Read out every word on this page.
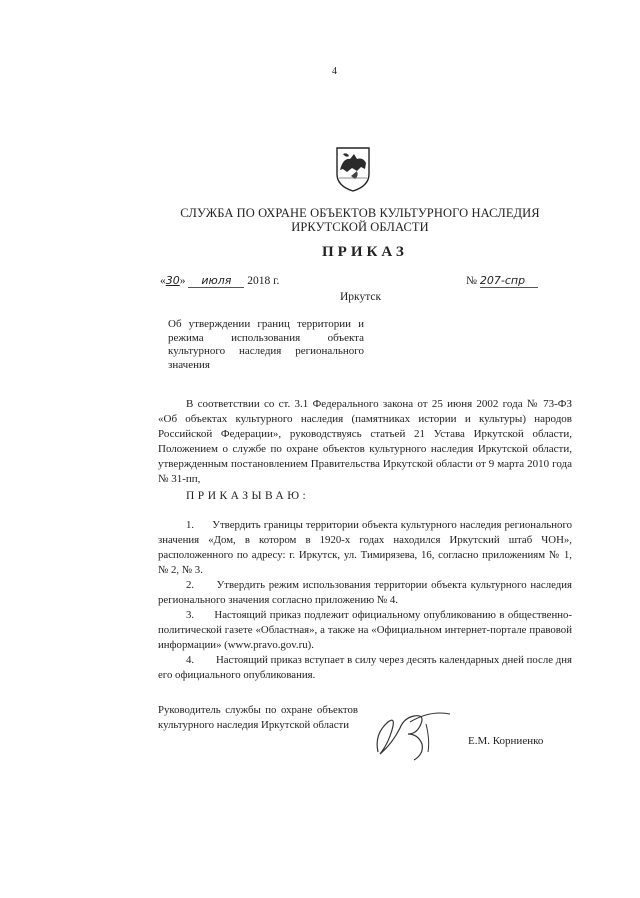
4
СЛУЖБА ПО ОХРАНЕ ОБЪЕКТОВ КУЛЬТУРНОГО НАСЛЕДИЯ
ИРКУТСКОЙ ОБЛАСТИ
ПРИКАЗ
«30» июля 2018 г.	№ 207-спр
Иркутск
Об утверждении границ территории и режима использования объекта культурного наследия регионального значения
В соответствии со ст. 3.1 Федерального закона от 25 июня 2002 года № 73-ФЗ «Об объектах культурного наследия (памятниках истории и культуры) народов Российской Федерации», руководствуясь статьей 21 Устава Иркутской области, Положением о службе по охране объектов культурного наследия Иркутской области, утвержденным постановлением Правительства Иркутской области от 9 марта 2010 года № 31-пп,
ПРИКАЗЫВАЮ:

1.      Утвердить границы территории объекта культурного наследия регионального значения «Дом, в котором в 1920-х годах находился Иркутский штаб ЧОН», расположенного по адресу: г. Иркутск, ул. Тимирязева, 16, согласно приложениям № 1, № 2, № 3.

2.      Утвердить режим использования территории объекта культурного наследия регионального значения согласно приложению № 4.

3.      Настоящий приказ подлежит официальному опубликованию в общественно-политической газете «Областная», а также на «Официальном интернет-портале правовой информации» (www.pravo.gov.ru).

4.        Настоящий приказ вступает в силу через десять календарных дней после дня его официального опубликования.

Руководитель службы по охране объектов культурного наследия Иркутской области
Е.М. Корниенко
